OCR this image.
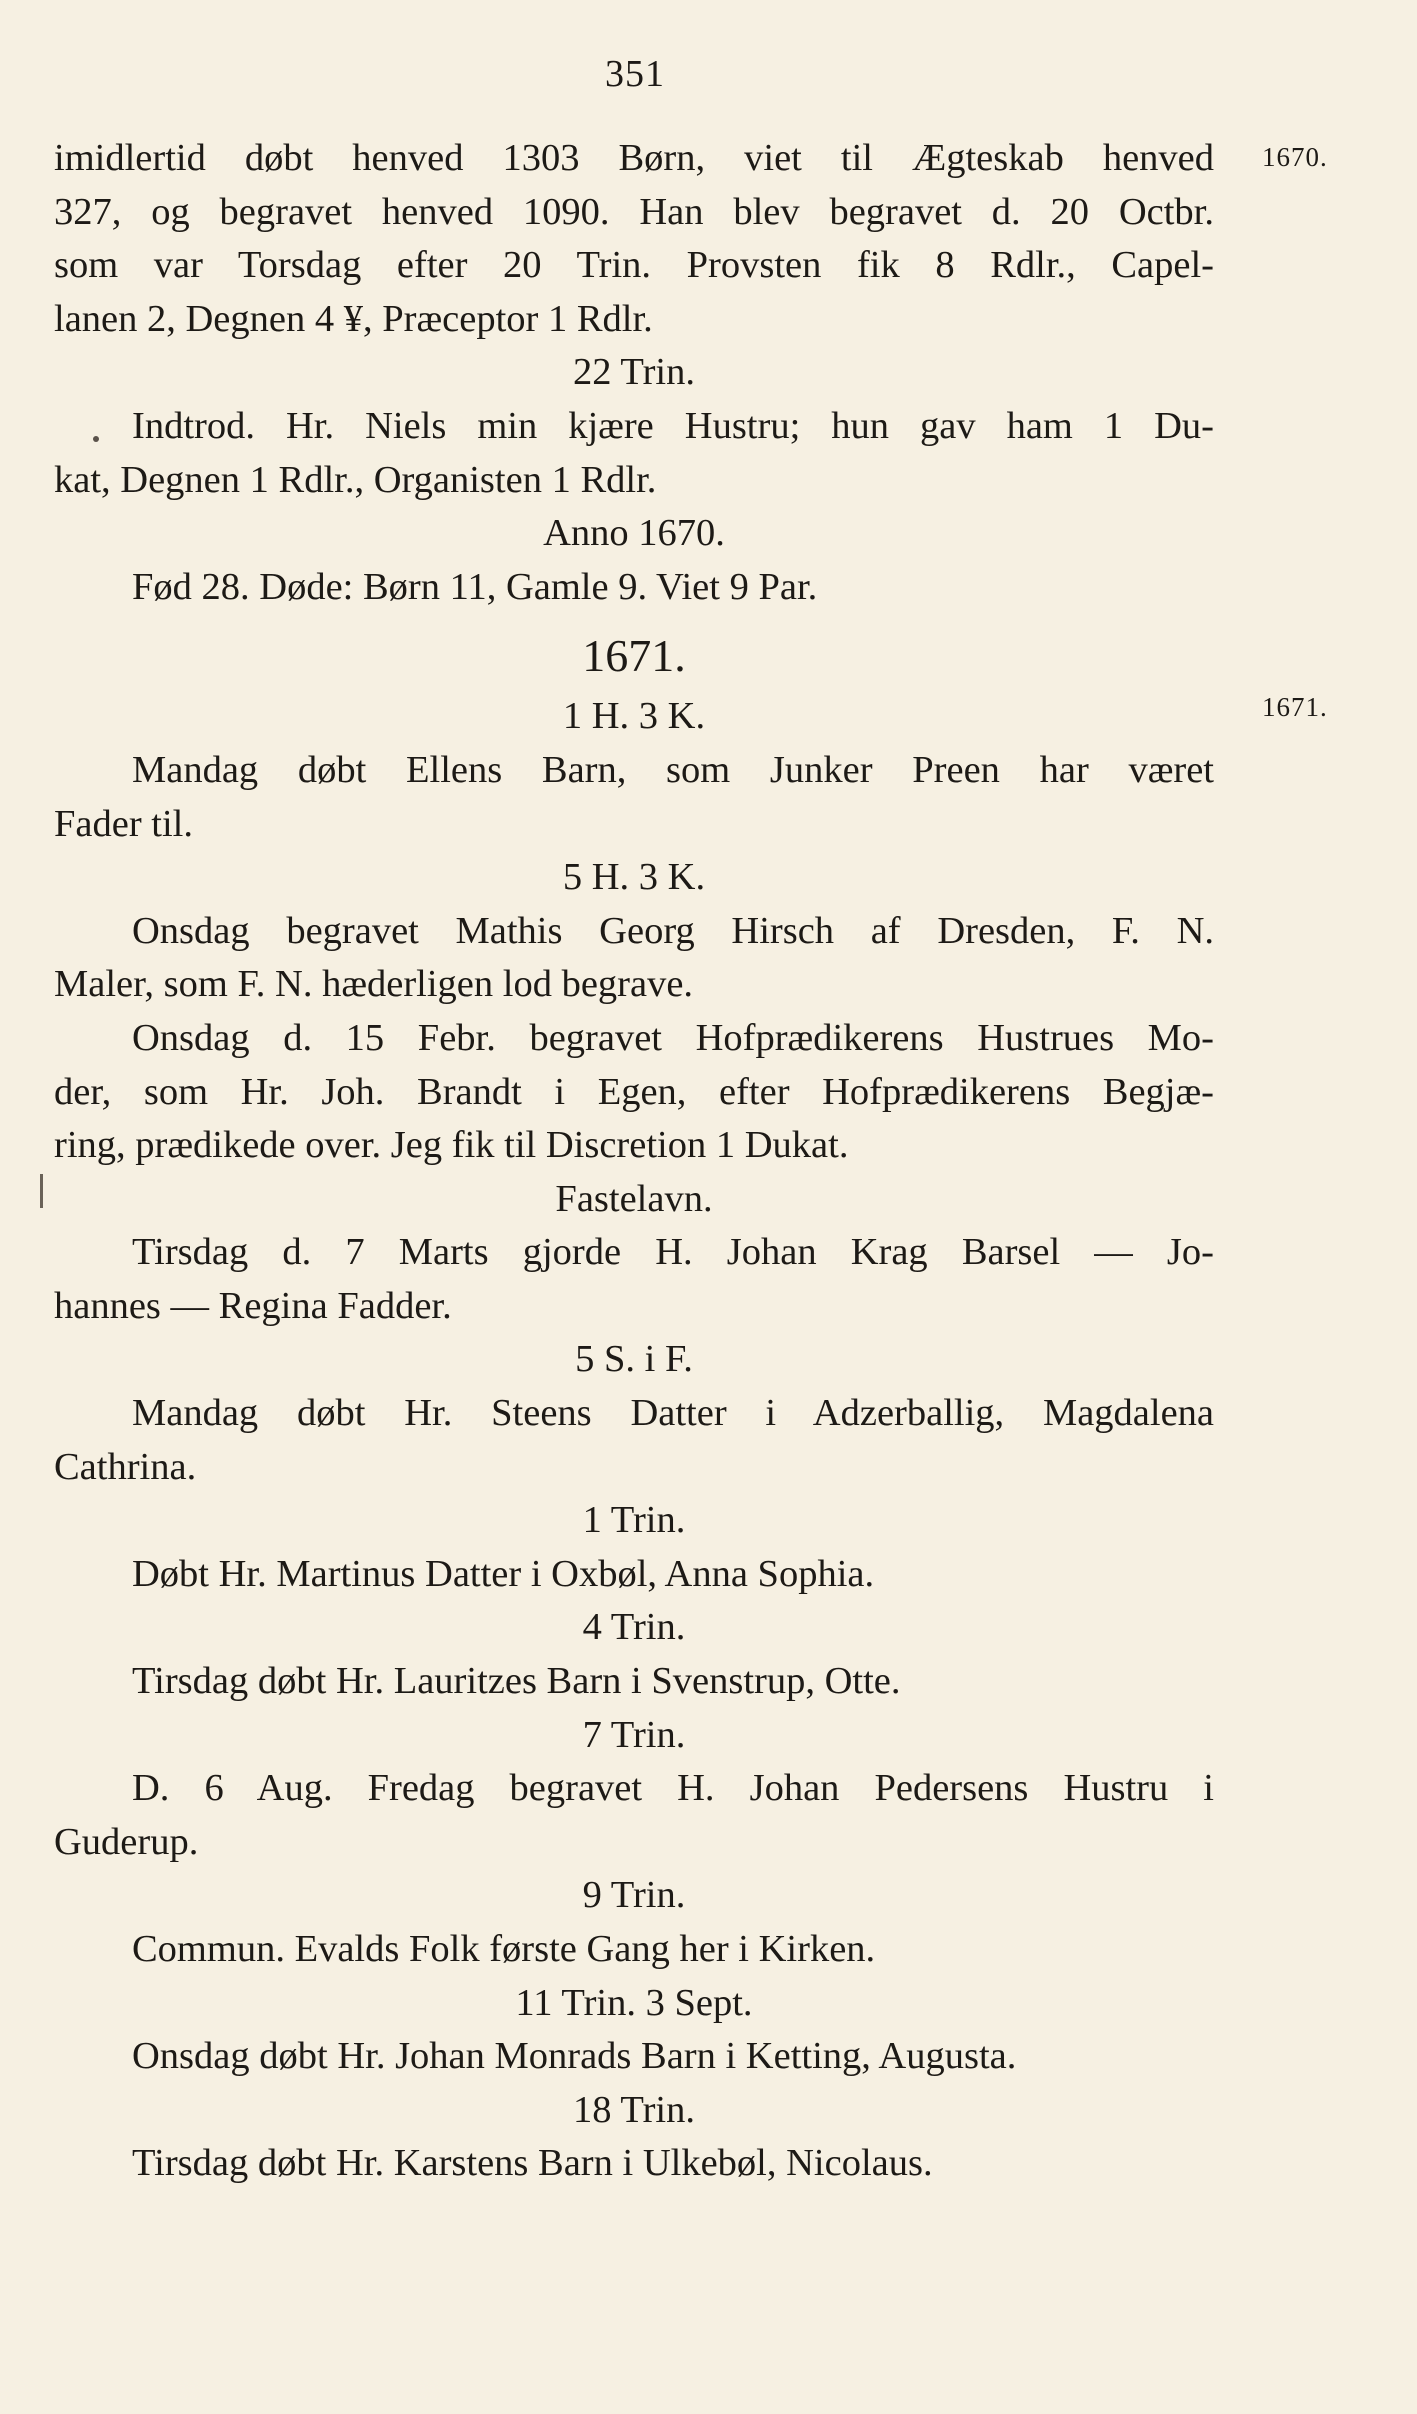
351
1670.
1671.
imidlertid døbt henved 1303 Børn, viet til Ægteskab henved
327, og begravet henved 1090. Han blev begravet d. 20 Octbr.
som var Torsdag efter 20 Trin. Provsten fik 8 Rdlr., Capel-
lanen 2, Degnen 4 ¥, Præceptor 1 Rdlr.
22 Trin.
Indtrod. Hr. Niels min kjære Hustru; hun gav ham 1 Du-
kat, Degnen 1 Rdlr., Organisten 1 Rdlr.
Anno 1670.
Fød 28. Døde: Børn 11, Gamle 9. Viet 9 Par.
1671.
1 H. 3 K.
Mandag døbt Ellens Barn, som Junker Preen har været
Fader til.
5 H. 3 K.
Onsdag begravet Mathis Georg Hirsch af Dresden, F. N.
Maler, som F. N. hæderligen lod begrave.
Onsdag d. 15 Febr. begravet Hofprædikerens Hustrues Mo-
der, som Hr. Joh. Brandt i Egen, efter Hofprædikerens Begjæ-
ring, prædikede over. Jeg fik til Discretion 1 Dukat.
Fastelavn.
Tirsdag d. 7 Marts gjorde H. Johan Krag Barsel — Jo-
hannes — Regina Fadder.
5 S. i F.
Mandag døbt Hr. Steens Datter i Adzerballig, Magdalena
Cathrina.
1 Trin.
Døbt Hr. Martinus Datter i Oxbøl, Anna Sophia.
4 Trin.
Tirsdag døbt Hr. Lauritzes Barn i Svenstrup, Otte.
7 Trin.
D. 6 Aug. Fredag begravet H. Johan Pedersens Hustru i
Guderup.
9 Trin.
Commun. Evalds Folk første Gang her i Kirken.
11 Trin. 3 Sept.
Onsdag døbt Hr. Johan Monrads Barn i Ketting, Augusta.
18 Trin.
Tirsdag døbt Hr. Karstens Barn i Ulkebøl, Nicolaus.
